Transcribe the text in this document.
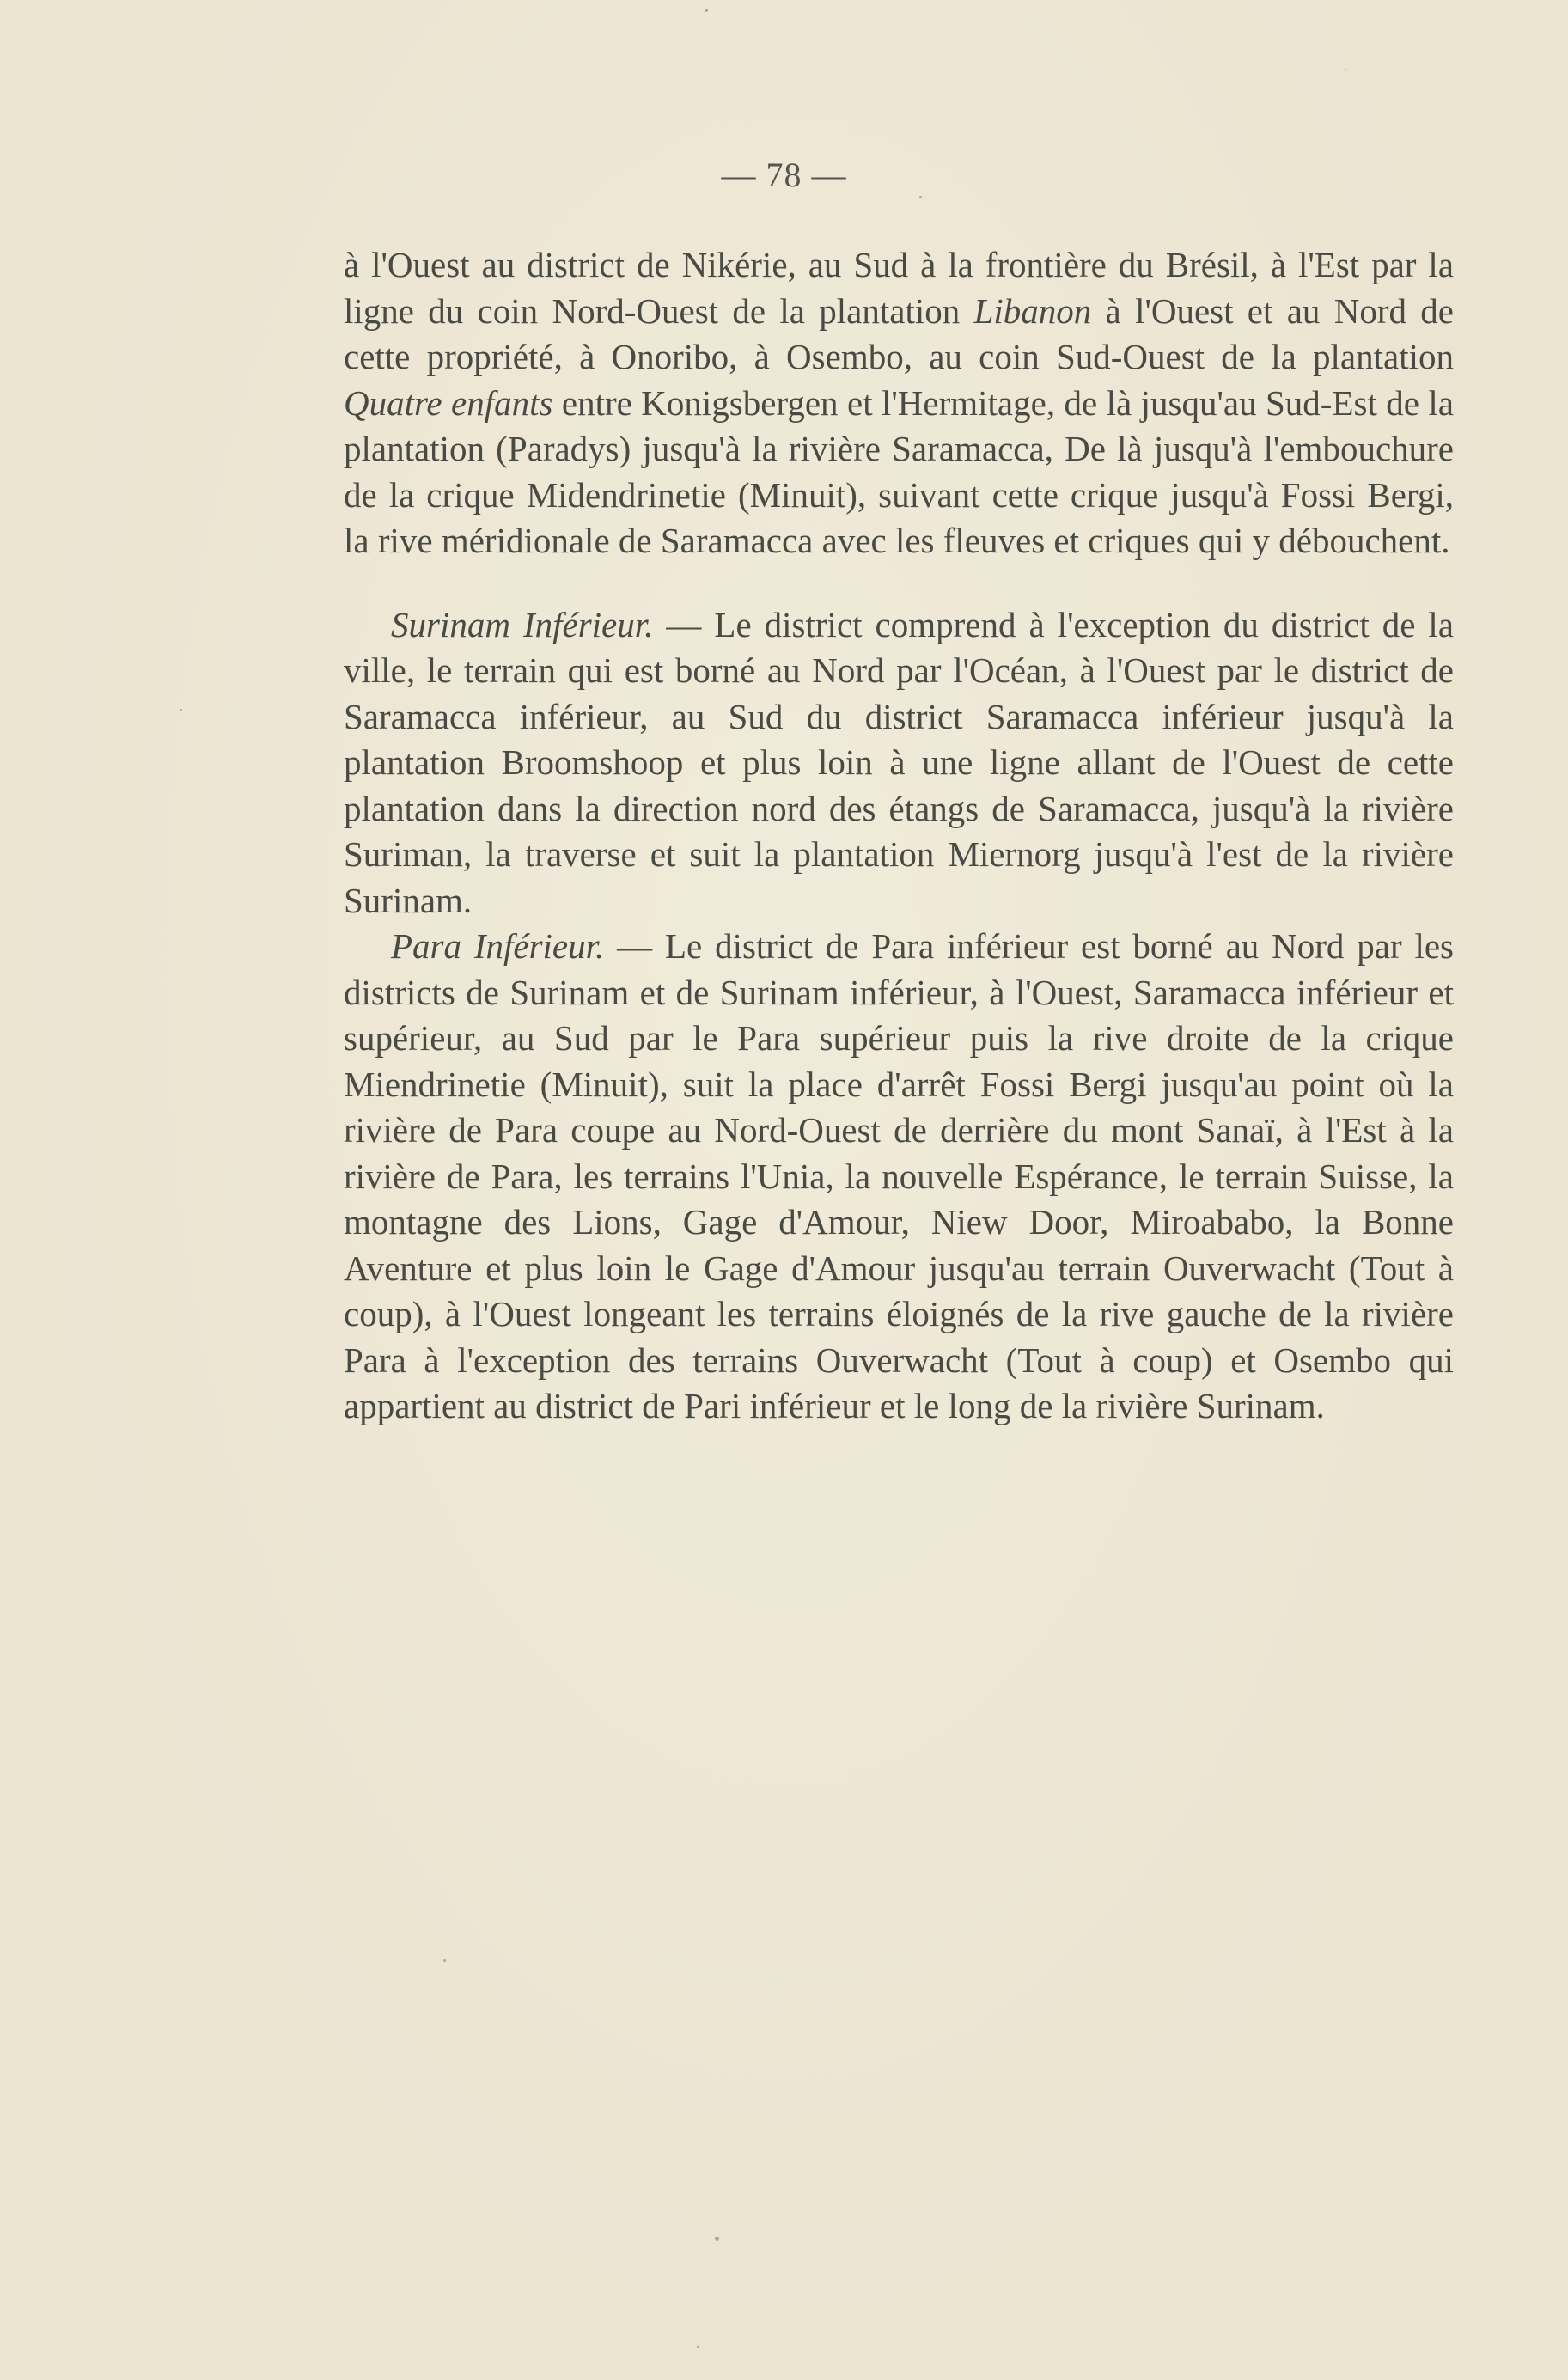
— 78 —

à l'Ouest au district de Nikérie, au Sud à la frontière du Brésil, à l'Est par la ligne du coin Nord-Ouest de la plantation Libanon à l'Ouest et au Nord de cette propriété, à Onoribo, à Osembo, au coin Sud-Ouest de la plantation Quatre enfants entre Konigsbergen et l'Hermitage, de là jusqu'au Sud-Est de la plantation (Paradys) jusqu'à la rivière Saramacca, De là jusqu'à l'embouchure de la crique Midendrinetie (Minuit), suivant cette crique jusqu'à Fossi Bergi, la rive méridionale de Saramacca avec les fleuves et criques qui y débouchent.

Surinam Inférieur. — Le district comprend à l'exception du district de la ville, le terrain qui est borné au Nord par l'Océan, à l'Ouest par le district de Saramacca inférieur, au Sud du district Saramacca inférieur jusqu'à la plantation Broomshoop et plus loin à une ligne allant de l'Ouest de cette plantation dans la direction nord des étangs de Saramacca, jusqu'à la rivière Suriman, la traverse et suit la plantation Miernorg jusqu'à l'est de la rivière Surinam.

Para Inférieur. — Le district de Para inférieur est borné au Nord par les districts de Surinam et de Surinam inférieur, à l'Ouest, Saramacca inférieur et supérieur, au Sud par le Para supérieur puis la rive droite de la crique Miendrinetie (Minuit), suit la place d'arrêt Fossi Bergi jusqu'au point où la rivière de Para coupe au Nord-Ouest de derrière du mont Sanaï, à l'Est à la rivière de Para, les terrains l'Unia, la nouvelle Espérance, le terrain Suisse, la montagne des Lions, Gage d'Amour, Niew Door, Miroababo, la Bonne Aventure et plus loin le Gage d'Amour jusqu'au terrain Ouverwacht (Tout à coup), à l'Ouest longeant les terrains éloignés de la rive gauche de la rivière Para à l'exception des terrains Ouverwacht (Tout à coup) et Osembo qui appartient au district de Pari inférieur et le long de la rivière Surinam.
